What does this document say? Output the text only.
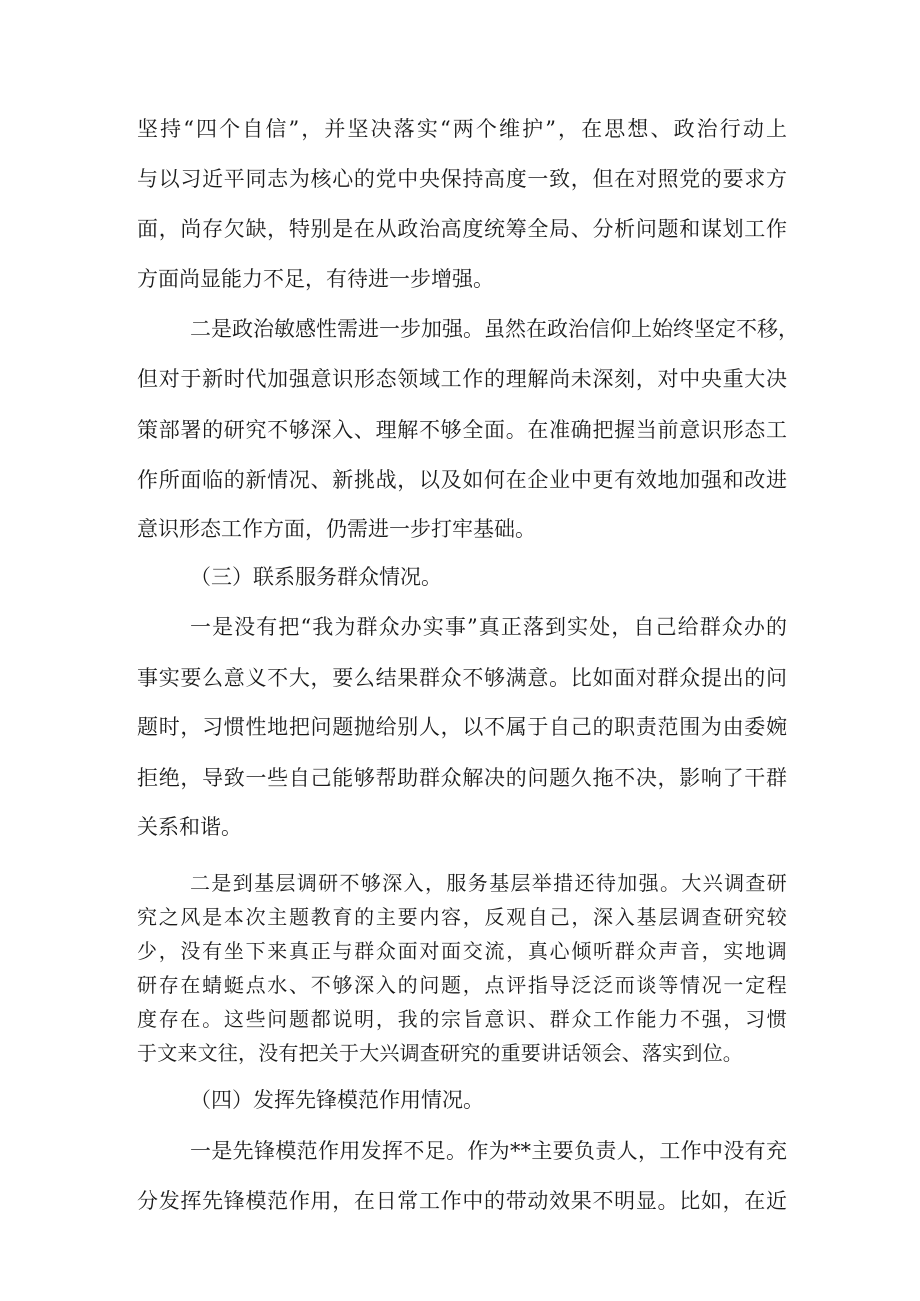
坚持“四个自信”，并坚决落实“两个维护”，在思想、政治行动上
与以习近平同志为核心的党中央保持高度一致，但在对照党的要求方
面，尚存欠缺，特别是在从政治高度统筹全局、分析问题和谋划工作
方面尚显能力不足，有待进一步增强。
二是政治敏感性需进一步加强。虽然在政治信仰上始终坚定不移，
但对于新时代加强意识形态领域工作的理解尚未深刻，对中央重大决
策部署的研究不够深入、理解不够全面。在准确把握当前意识形态工
作所面临的新情况、新挑战，以及如何在企业中更有效地加强和改进
意识形态工作方面，仍需进一步打牢基础。
（三）联系服务群众情况。
一是没有把“我为群众办实事”真正落到实处，自己给群众办的
事实要么意义不大，要么结果群众不够满意。比如面对群众提出的问
题时，习惯性地把问题抛给别人，以不属于自己的职责范围为由委婉
拒绝，导致一些自己能够帮助群众解决的问题久拖不决，影响了干群
关系和谐。
二是到基层调研不够深入，服务基层举措还待加强。大兴调查研
究之风是本次主题教育的主要内容，反观自己，深入基层调查研究较
少，没有坐下来真正与群众面对面交流，真心倾听群众声音，实地调
研存在蜻蜓点水、不够深入的问题，点评指导泛泛而谈等情况一定程
度存在。这些问题都说明，我的宗旨意识、群众工作能力不强，习惯
于文来文往，没有把关于大兴调查研究的重要讲话领会、落实到位。
（四）发挥先锋模范作用情况。
一是先锋模范作用发挥不足。作为**主要负责人，工作中没有充
分发挥先锋模范作用，在日常工作中的带动效果不明显。比如，在近
